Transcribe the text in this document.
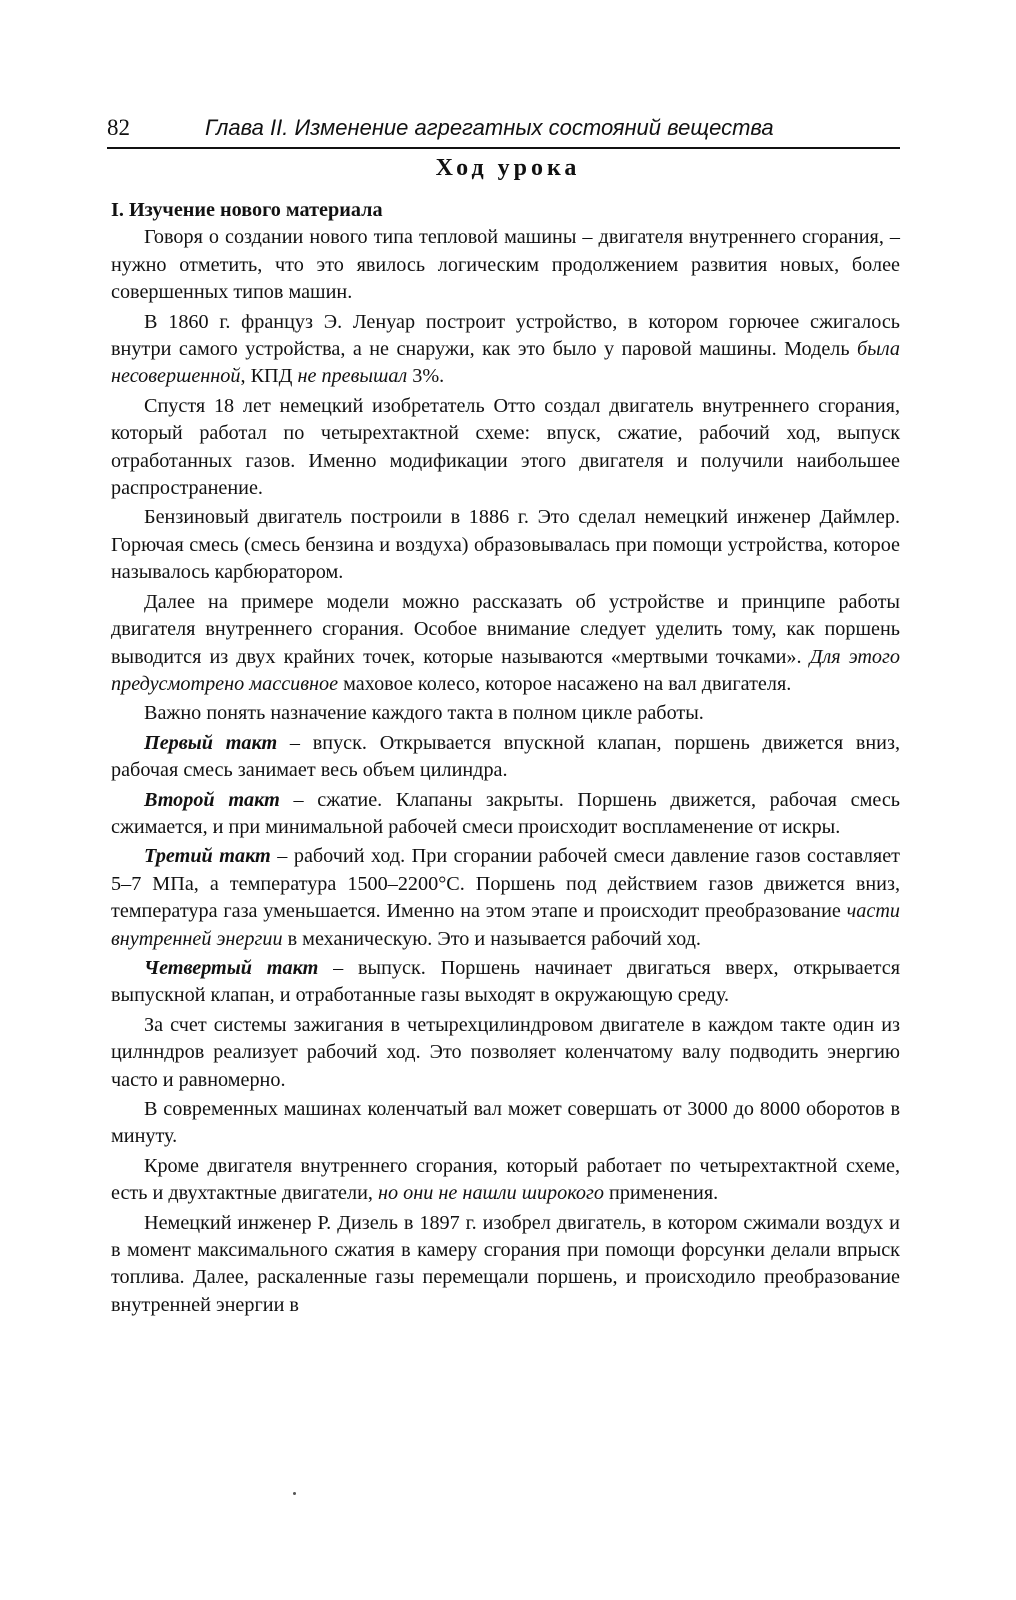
82	Глава II. Изменение агрегатных состояний вещества
Ход урока

I. Изучение нового материала

Говоря о создании нового типа тепловой машины – двигателя внутреннего сгорания, – нужно отметить, что это явилось логическим продолжением развития новых, более совершенных типов машин.

В 1860 г. француз Э. Ленуар построит устройство, в котором горючее сжигалось внутри самого устройства, а не снаружи, как это было у паровой машины. Модель была несовершенной, КПД не превышал 3%.

Спустя 18 лет немецкий изобретатель Отто создал двигатель внутреннего сгорания, который работал по четырехтактной схеме: впуск, сжатие, рабочий ход, выпуск отработанных газов. Именно модификации этого двигателя и получили наибольшее распространение.

Бензиновый двигатель построили в 1886 г. Это сделал немецкий инженер Даймлер. Горючая смесь (смесь бензина и воздуха) образовывалась при помощи устройства, которое называлось карбюратором.

Далее на примере модели можно рассказать об устройстве и принципе работы двигателя внутреннего сгорания. Особое внимание следует уделить тому, как поршень выводится из двух крайних точек, которые называются «мертвыми точками». Для этого предусмотрено массивное маховое колесо, которое насажено на вал двигателя.

Важно понять назначение каждого такта в полном цикле работы.

Первый такт – впуск. Открывается впускной клапан, поршень движется вниз, рабочая смесь занимает весь объем цилиндра.

Второй такт – сжатие. Клапаны закрыты. Поршень движется, рабочая смесь сжимается, и при минимальной рабочей смеси происходит воспламенение от искры.

Третий такт – рабочий ход. При сгорании рабочей смеси давление газов составляет 5–7 МПа, а температура 1500–2200°С. Поршень под действием газов движется вниз, температура газа уменьшается. Именно на этом этапе и происходит преобразование части внутренней энергии в механическую. Это и называется рабочий ход.

Четвертый такт – выпуск. Поршень начинает двигаться вверх, открывается выпускной клапан, и отработанные газы выходят в окружающую среду.

За счет системы зажигания в четырехцилиндровом двигателе в каждом такте один из цилнндров реализует рабочий ход. Это позволяет коленчатому валу подводить энергию часто и равномерно.

В современных машинах коленчатый вал может совершать от 3000 до 8000 оборотов в минуту.

Кроме двигателя внутреннего сгорания, который работает по четырехтактной схеме, есть и двухтактные двигатели, но они не нашли широкого применения.

Немецкий инженер Р. Дизель в 1897 г. изобрел двигатель, в котором сжимали воздух и в момент максимального сжатия в камеру сгорания при помощи форсунки делали впрыск топлива. Далее, раскаленные газы перемещали поршень, и происходило преобразование внутренней энергии в
